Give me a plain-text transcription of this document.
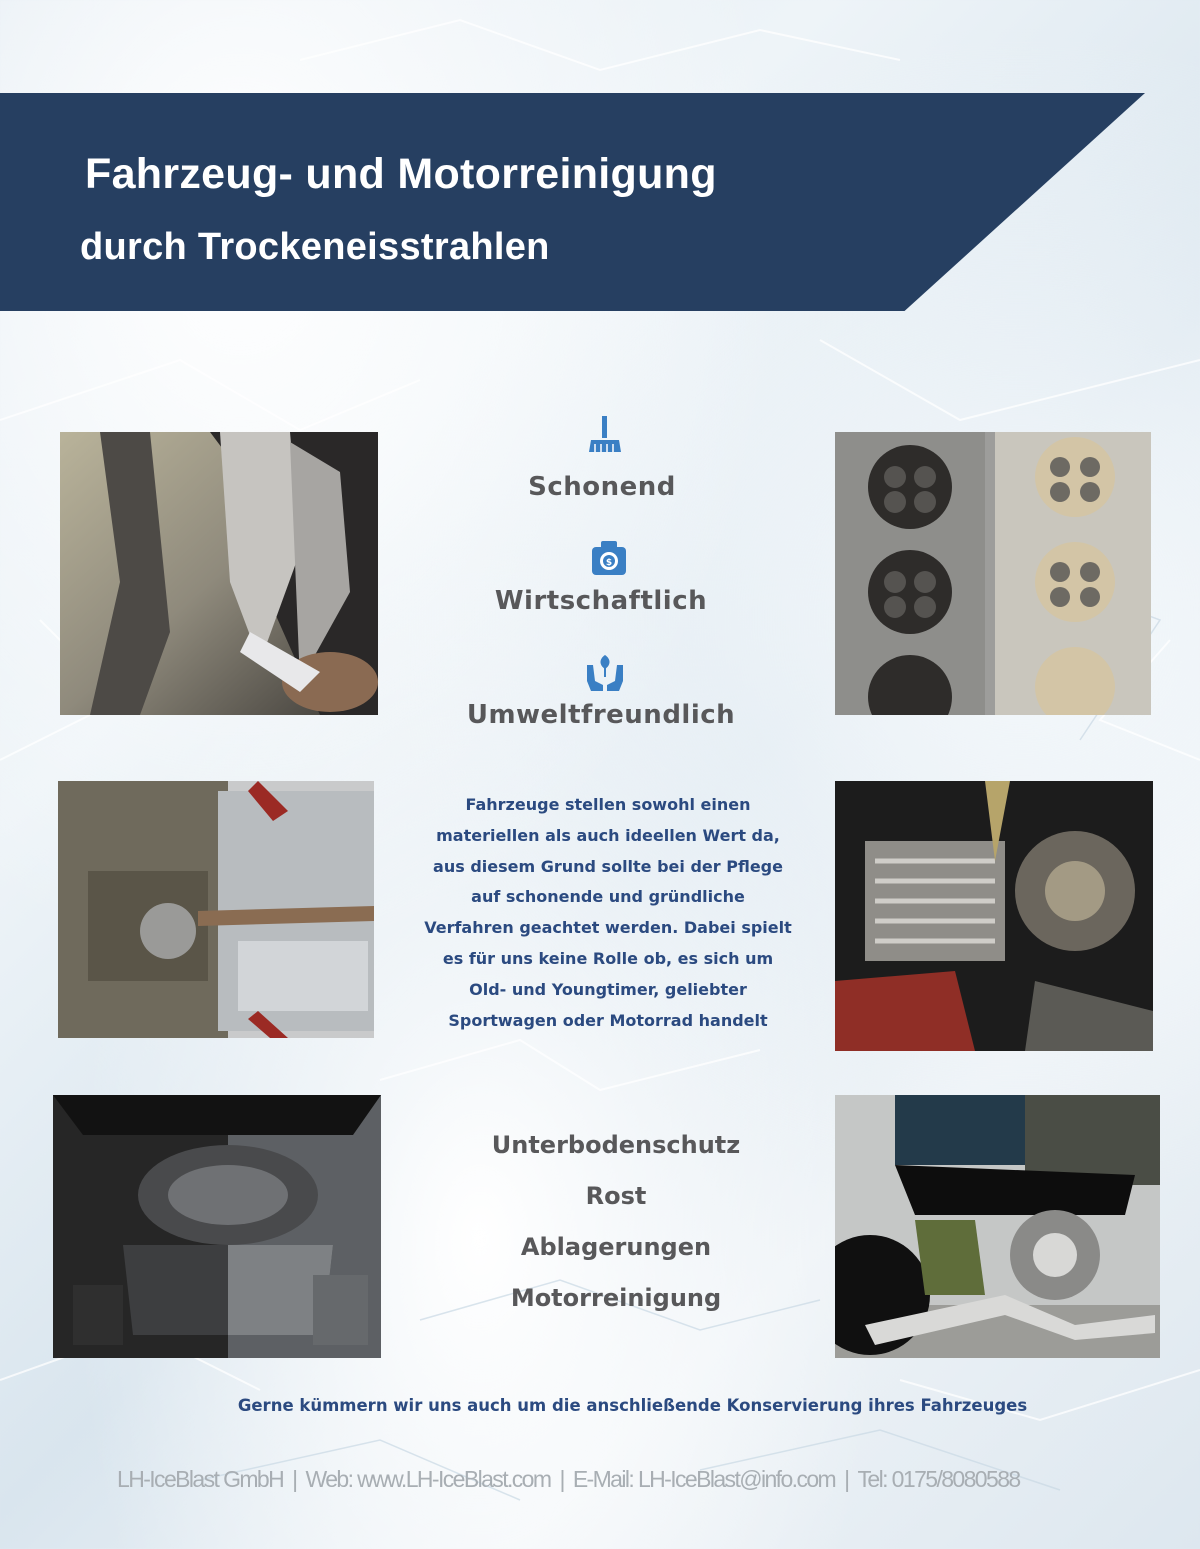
Fahrzeug- und Motorreinigung
durch Trockeneisstrahlen

Schonend

$

Wirtschaftlich

Umweltfreundlich

Fahrzeuge stellen sowohl einen
materiellen als auch ideellen Wert da,
aus diesem Grund sollte bei der Pflege
auf schonende und gründliche
Verfahren geachtet werden. Dabei spielt
es für uns keine Rolle ob, es sich um
Old- und Youngtimer, geliebter
Sportwagen oder Motorrad handelt

Unterbodenschutz

Rost

Ablagerungen

Motorreinigung

Gerne kümmern wir uns auch um die anschließende Konservierung ihres Fahrzeuges

LH-IceBlast GmbH | Web: www.LH-IceBlast.com | E-Mail: LH-IceBlast@info.com | Tel: 0175/8080588
